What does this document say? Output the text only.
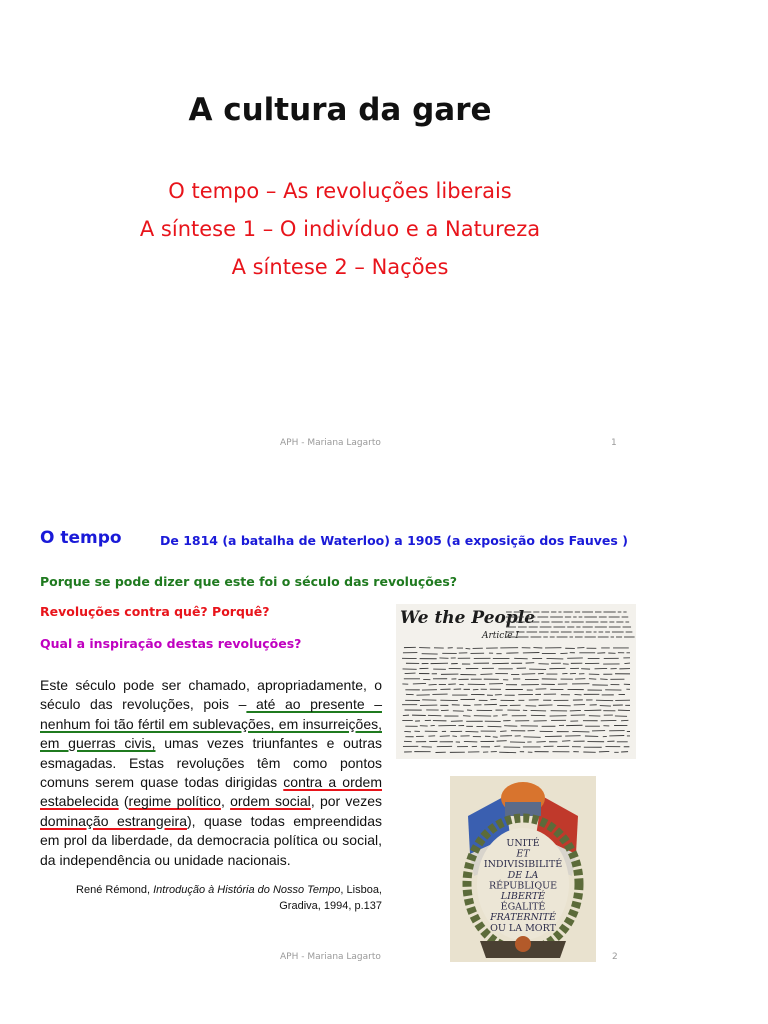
A cultura da gare
O tempo – As revoluções liberais
A síntese 1 – O indivíduo e a Natureza
A síntese 2 – Nações
APH - Mariana Lagarto	1
O tempo	De 1814 (a batalha de Waterloo) a 1905 (a exposição dos Fauves )
Porque se pode dizer que este foi o século das revoluções?
Revoluções contra quê? Porquê?
Qual a inspiração destas revoluções?
Este século pode ser chamado, apropriadamente, o século das revoluções, pois – até ao presente – nenhum foi tão fértil em sublevações, em insurreições, em guerras civis, umas vezes triunfantes e outras esmagadas. Estas revoluções têm como pontos comuns serem quase todas dirigidas contra a ordem estabelecida (regime político, ordem social, por vezes dominação estrangeira), quase todas empreendidas em prol da liberdade, da democracia política ou social, da independência ou unidade nacionais.
René Rémond, Introdução à História do Nosso Tempo, Lisboa, Gradiva, 1994, p.137
We the People
Article I
UNITÉ
ET
INDIVISIBILITÉ
DE LA
RÉPUBLIQUE
LIBERTÉ
ÉGALITÉ
FRATERNITÉ
OU LA MORT
APH - Mariana Lagarto	2
